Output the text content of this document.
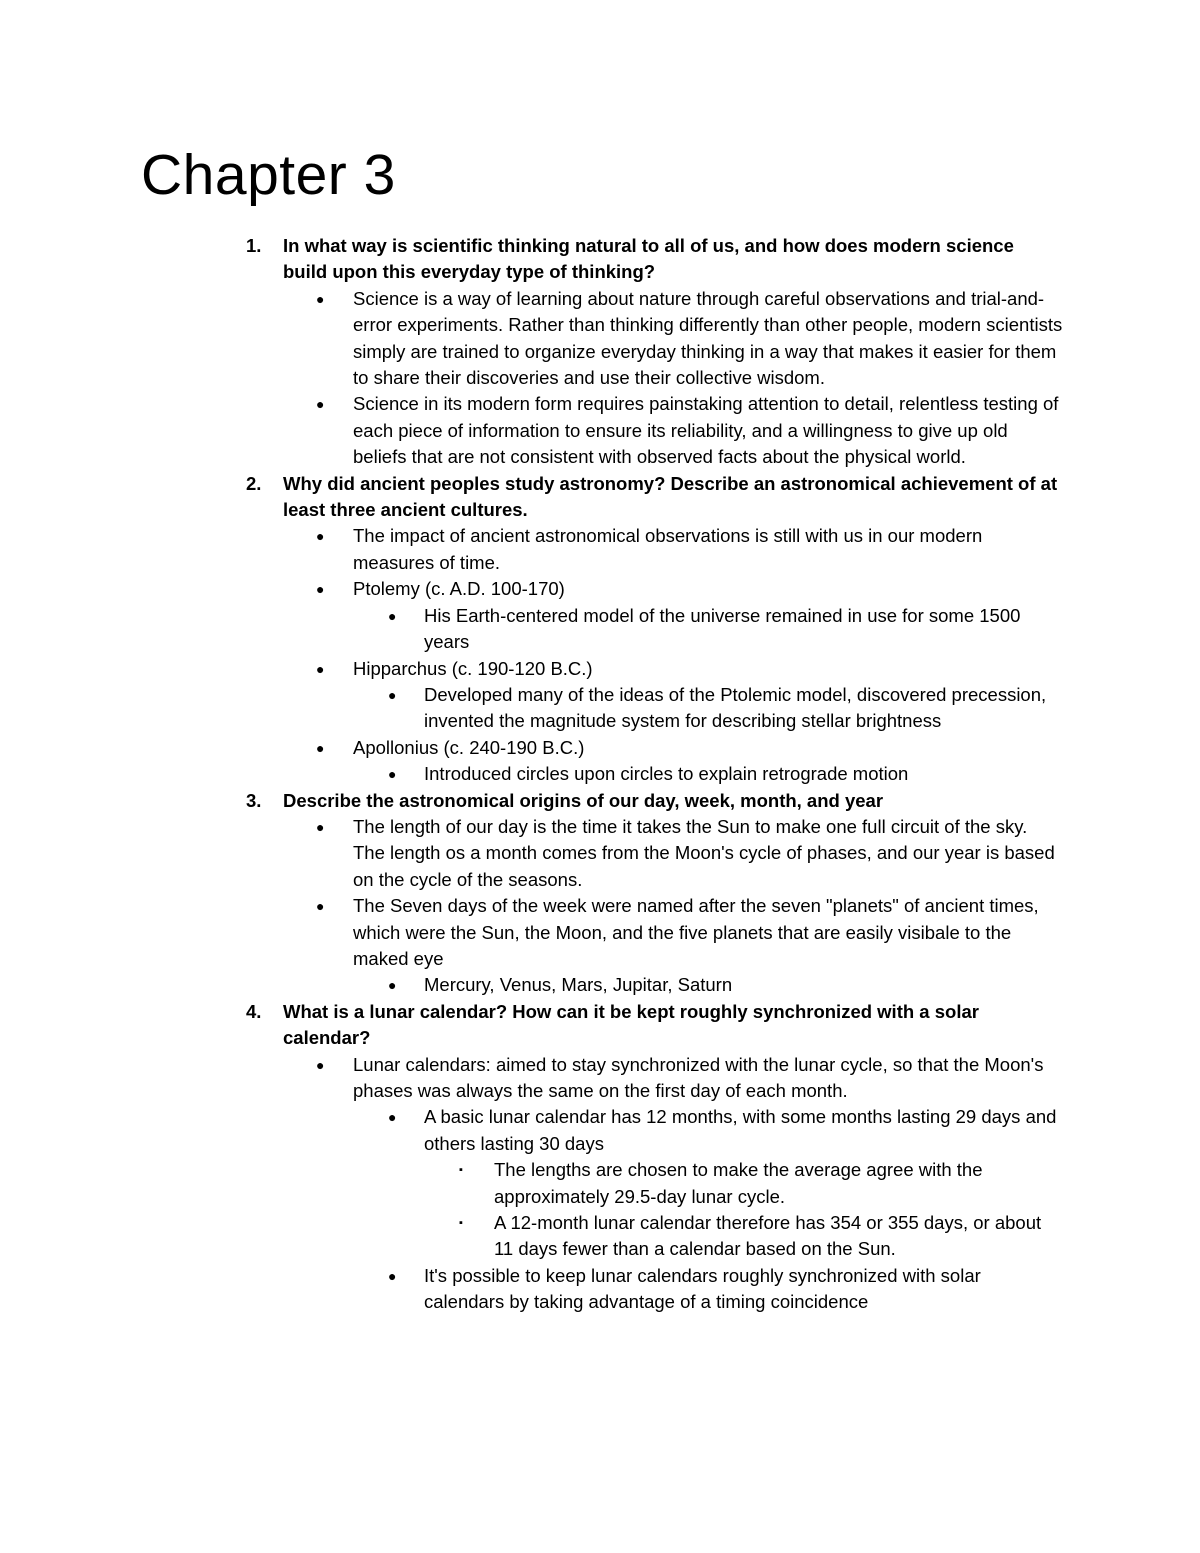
Chapter 3
1. In what way is scientific thinking natural to all of us, and how does modern science build upon this everyday type of thinking?
● Science is a way of learning about nature through careful observations and trial-and-error experiments. Rather than thinking differently than other people, modern scientists simply are trained to organize everyday thinking in a way that makes it easier for them to share their discoveries and use their collective wisdom.
● Science in its modern form requires painstaking attention to detail, relentless testing of each piece of information to ensure its reliability, and a willingness to give up old beliefs that are not consistent with observed facts about the physical world.
2. Why did ancient peoples study astronomy? Describe an astronomical achievement of at least three ancient cultures.
● The impact of ancient astronomical observations is still with us in our modern measures of time.
● Ptolemy (c. A.D. 100-170)
● His Earth-centered model of the universe remained in use for some 1500 years
● Hipparchus (c. 190-120 B.C.)
● Developed many of the ideas of the Ptolemic model, discovered precession, invented the magnitude system for describing stellar brightness
● Apollonius (c. 240-190 B.C.)
● Introduced circles upon circles to explain retrograde motion
3. Describe the astronomical origins of our day, week, month, and year
● The length of our day is the time it takes the Sun to make one full circuit of the sky. The length os a month comes from the Moon's cycle of phases, and our year is based on the cycle of the seasons.
● The Seven days of the week were named after the seven "planets" of ancient times, which were the Sun, the Moon, and the five planets that are easily visibale to the maked eye
● Mercury, Venus, Mars, Jupitar, Saturn
4. What is a lunar calendar? How can it be kept roughly synchronized with a solar calendar?
● Lunar calendars: aimed to stay synchronized with the lunar cycle, so that the Moon's phases was always the same on the first day of each month.
● A basic lunar calendar has 12 months, with some months lasting 29 days and others lasting 30 days
▪ The lengths are chosen to make the average agree with the approximately 29.5-day lunar cycle.
▪ A 12-month lunar calendar therefore has 354 or 355 days, or about 11 days fewer than a calendar based on the Sun.
● It's possible to keep lunar calendars roughly synchronized with solar calendars by taking advantage of a timing coincidence
